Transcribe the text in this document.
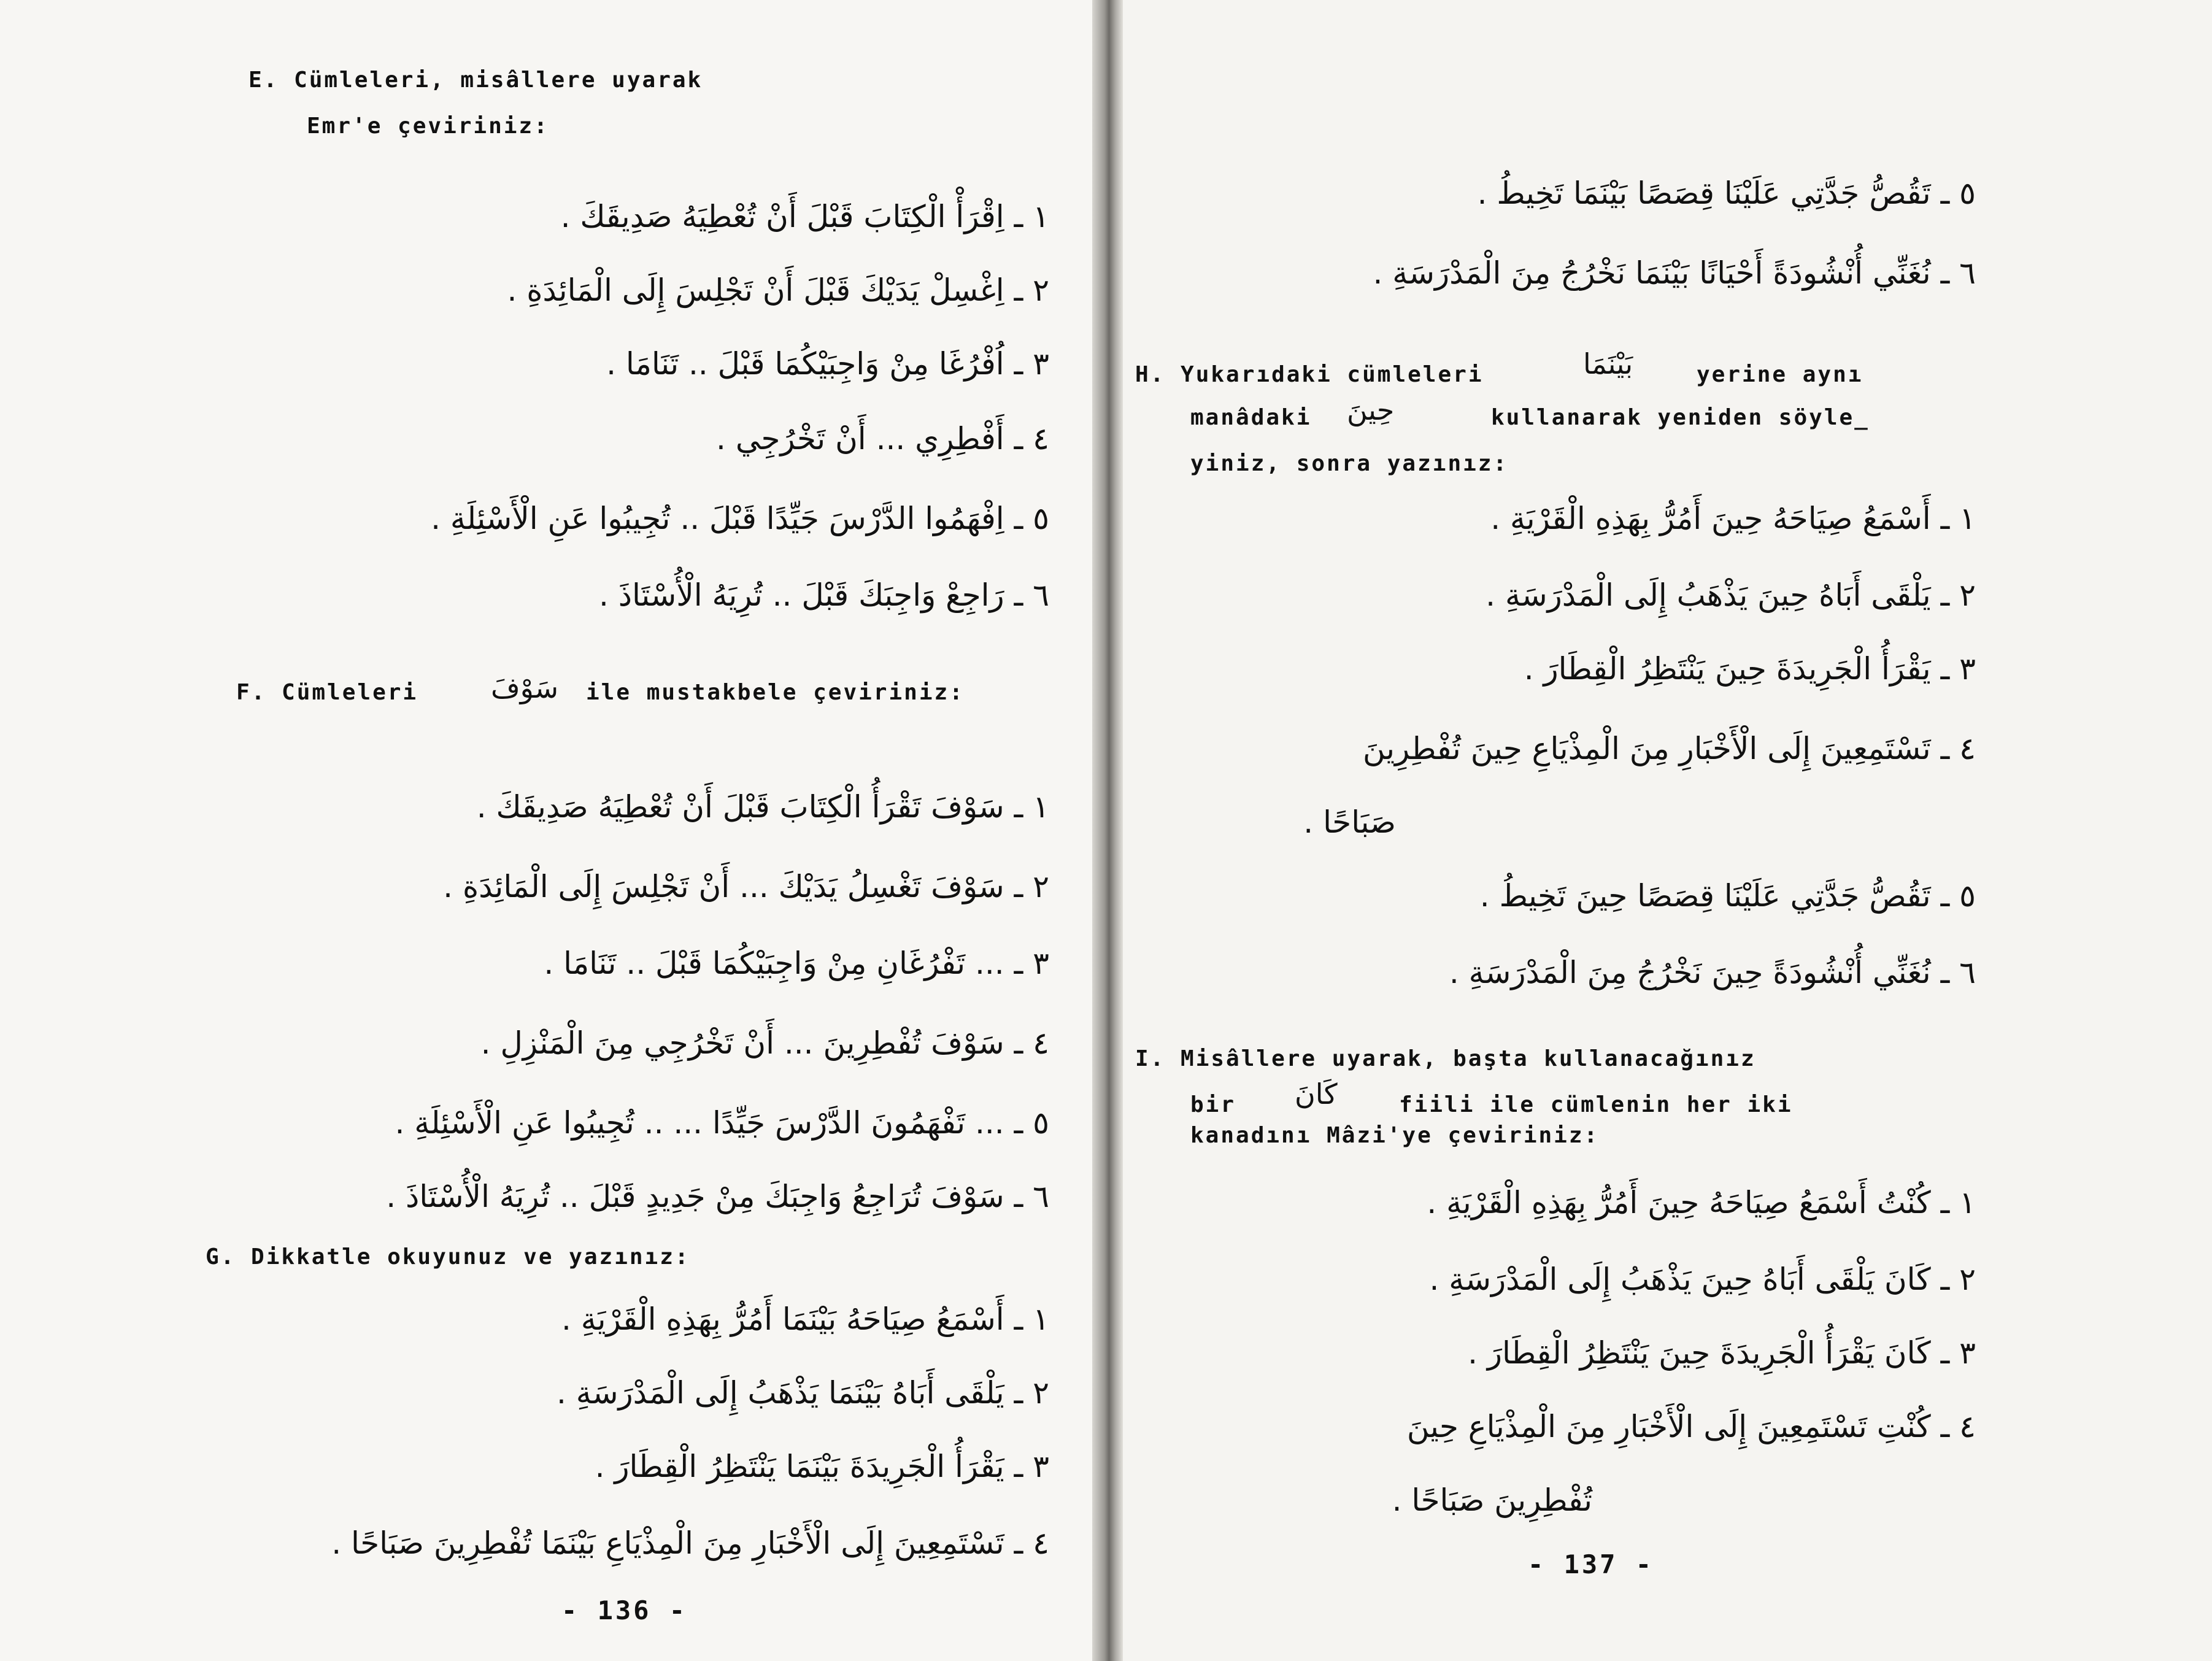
E. Cümleleri, misâllere uyarak
Emr'e çeviriniz:
١ ـ اِقْرَأْ الْكِتَابَ قَبْلَ أَنْ تُعْطِيَهُ صَدِيقَكَ .
٢ ـ اِغْسِلْ يَدَيْكَ قَبْلَ أَنْ تَجْلِسَ إِلَى الْمَائِدَةِ .
٣ ـ اُفْرُغَا مِنْ وَاجِبَيْكُمَا قَبْلَ .. تَنَامَا .
٤ ـ أَفْطِرِي ... أَنْ تَخْرُجِي .
٥ ـ اِفْهَمُوا الدَّرْسَ جَيِّدًا قَبْلَ .. تُجِيبُوا عَنِ الْأَسْئِلَةِ .
٦ ـ رَاجِعْ وَاجِبَكَ قَبْلَ .. تُرِيَهُ الْأُسْتَاذَ .
F. Cümleleri	سَوْفَ ile mustakbele çeviriniz:
١ ـ سَوْفَ تَقْرَأُ الْكِتَابَ قَبْلَ أَنْ تُعْطِيَهُ صَدِيقَكَ .
٢ ـ سَوْفَ تَغْسِلُ يَدَيْكَ ... أَنْ تَجْلِسَ إِلَى الْمَائِدَةِ .
٣ ـ ... تَفْرُغَانِ مِنْ وَاجِبَيْكُمَا قَبْلَ .. تَنَامَا .
٤ ـ سَوْفَ تُفْطِرِينَ ... أَنْ تَخْرُجِي مِنَ الْمَنْزِلِ .
٥ ـ ... تَفْهَمُونَ الدَّرْسَ جَيِّدًا ... .. تُجِيبُوا عَنِ الْأَسْئِلَةِ .
٦ ـ سَوْفَ تُرَاجِعُ وَاجِبَكَ مِنْ جَدِيدٍ قَبْلَ .. تُرِيَهُ الْأُسْتَاذَ .
G. Dikkatle okuyunuz ve yazınız:
١ ـ أَسْمَعُ صِيَاحَهُ بَيْنَمَا أَمُرُّ بِهَذِهِ الْقَرْيَةِ .
٢ ـ يَلْقَى أَبَاهُ بَيْنَمَا يَذْهَبُ إِلَى الْمَدْرَسَةِ .
٣ ـ يَقْرَأُ الْجَرِيدَةَ بَيْنَمَا يَنْتَظِرُ الْقِطَارَ .
٤ ـ تَسْتَمِعِينَ إِلَى الْأَخْبَارِ مِنَ الْمِذْيَاعِ بَيْنَمَا تُفْطِرِينَ صَبَاحًا .
- 136 -
٥ ـ تَقُصُّ جَدَّتِي عَلَيْنَا قِصَصًا بَيْنَمَا تَخِيطُ .
٦ ـ نُغَنِّي أُنْشُودَةً أَحْيَانًا بَيْنَمَا نَخْرُجُ مِنَ الْمَدْرَسَةِ .
H. Yukarıdaki cümleleri	بَيْنَمَا	yerine aynı
manâdaki حِينَ	kullanarak yeniden söyle_
yiniz, sonra yazınız:
١ ـ أَسْمَعُ صِيَاحَهُ حِينَ أَمُرُّ بِهَذِهِ الْقَرْيَةِ .
٢ ـ يَلْقَى أَبَاهُ حِينَ يَذْهَبُ إِلَى الْمَدْرَسَةِ .
٣ ـ يَقْرَأُ الْجَرِيدَةَ حِينَ يَنْتَظِرُ الْقِطَارَ .
٤ ـ تَسْتَمِعِينَ إِلَى الْأَخْبَارِ مِنَ الْمِذْيَاعِ حِينَ تُفْطِرِينَ
صَبَاحًا .
٥ ـ تَقُصُّ جَدَّتِي عَلَيْنَا قِصَصًا حِينَ تَخِيطُ .
٦ ـ نُغَنِّي أُنْشُودَةً حِينَ نَخْرُجُ مِنَ الْمَدْرَسَةِ .
I. Misâllere uyarak, başta kullanacağınız
bir كَانَ	fiili ile cümlenin her iki
kanadını Mâzi'ye çeviriniz:
١ ـ كُنْتُ أَسْمَعُ صِيَاحَهُ حِينَ أَمُرُّ بِهَذِهِ الْقَرْيَةِ .
٢ ـ كَانَ يَلْقَى أَبَاهُ حِينَ يَذْهَبُ إِلَى الْمَدْرَسَةِ .
٣ ـ كَانَ يَقْرَأُ الْجَرِيدَةَ حِينَ يَنْتَظِرُ الْقِطَارَ .
٤ ـ كُنْتِ تَسْتَمِعِينَ إِلَى الْأَخْبَارِ مِنَ الْمِذْيَاعِ حِينَ
تُفْطِرِينَ صَبَاحًا .
- 137 -
